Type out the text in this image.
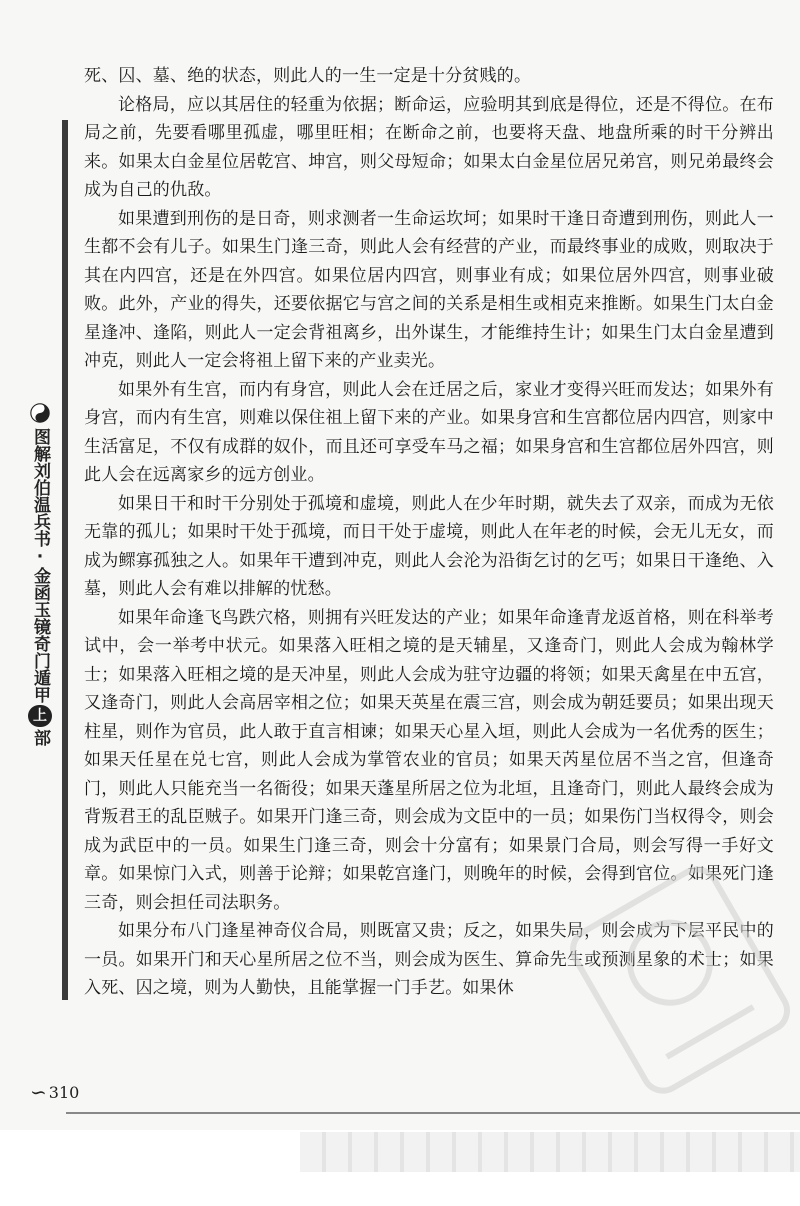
图解刘伯温兵书·金函玉镜奇门遁甲
上
部

死、囚、墓、绝的状态，则此人的一生一定是十分贫贱的。

论格局，应以其居住的轻重为依据；断命运，应验明其到底是得位，还是不得位。在布局之前，先要看哪里孤虚，哪里旺相；在断命之前，也要将天盘、地盘所乘的时干分辨出来。如果太白金星位居乾宫、坤宫，则父母短命；如果太白金星位居兄弟宫，则兄弟最终会成为自己的仇敌。

如果遭到刑伤的是日奇，则求测者一生命运坎坷；如果时干逢日奇遭到刑伤，则此人一生都不会有儿子。如果生门逢三奇，则此人会有经营的产业，而最终事业的成败，则取决于其在内四宫，还是在外四宫。如果位居内四宫，则事业有成；如果位居外四宫，则事业破败。此外，产业的得失，还要依据它与宫之间的关系是相生或相克来推断。如果生门太白金星逢冲、逢陷，则此人一定会背祖离乡，出外谋生，才能维持生计；如果生门太白金星遭到冲克，则此人一定会将祖上留下来的产业卖光。

如果外有生宫，而内有身宫，则此人会在迁居之后，家业才变得兴旺而发达；如果外有身宫，而内有生宫，则难以保住祖上留下来的产业。如果身宫和生宫都位居内四宫，则家中生活富足，不仅有成群的奴仆，而且还可享受车马之福；如果身宫和生宫都位居外四宫，则此人会在远离家乡的远方创业。

如果日干和时干分别处于孤境和虚境，则此人在少年时期，就失去了双亲，而成为无依无靠的孤儿；如果时干处于孤境，而日干处于虚境，则此人在年老的时候，会无儿无女，而成为鳏寡孤独之人。如果年干遭到冲克，则此人会沦为沿街乞讨的乞丐；如果日干逢绝、入墓，则此人会有难以排解的忧愁。

如果年命逢飞鸟跌穴格，则拥有兴旺发达的产业；如果年命逢青龙返首格，则在科举考试中，会一举考中状元。如果落入旺相之境的是天辅星，又逢奇门，则此人会成为翰林学士；如果落入旺相之境的是天冲星，则此人会成为驻守边疆的将领；如果天禽星在中五宫，又逢奇门，则此人会高居宰相之位；如果天英星在震三宫，则会成为朝廷要员；如果出现天柱星，则作为官员，此人敢于直言相谏；如果天心星入垣，则此人会成为一名优秀的医生；如果天任星在兑七宫，则此人会成为掌管农业的官员；如果天芮星位居不当之宫，但逢奇门，则此人只能充当一名衙役；如果天蓬星所居之位为北垣，且逢奇门，则此人最终会成为背叛君王的乱臣贼子。如果开门逢三奇，则会成为文臣中的一员；如果伤门当权得令，则会成为武臣中的一员。如果生门逢三奇，则会十分富有；如果景门合局，则会写得一手好文章。如果惊门入式，则善于论辩；如果乾宫逢门，则晚年的时候，会得到官位。如果死门逢三奇，则会担任司法职务。

如果分布八门逢星神奇仪合局，则既富又贵；反之，如果失局，则会成为下层平民中的一员。如果开门和天心星所居之位不当，则会成为医生、算命先生或预测星象的术士；如果入死、囚之境，则为人勤快，且能掌握一门手艺。如果休

∽ 310
